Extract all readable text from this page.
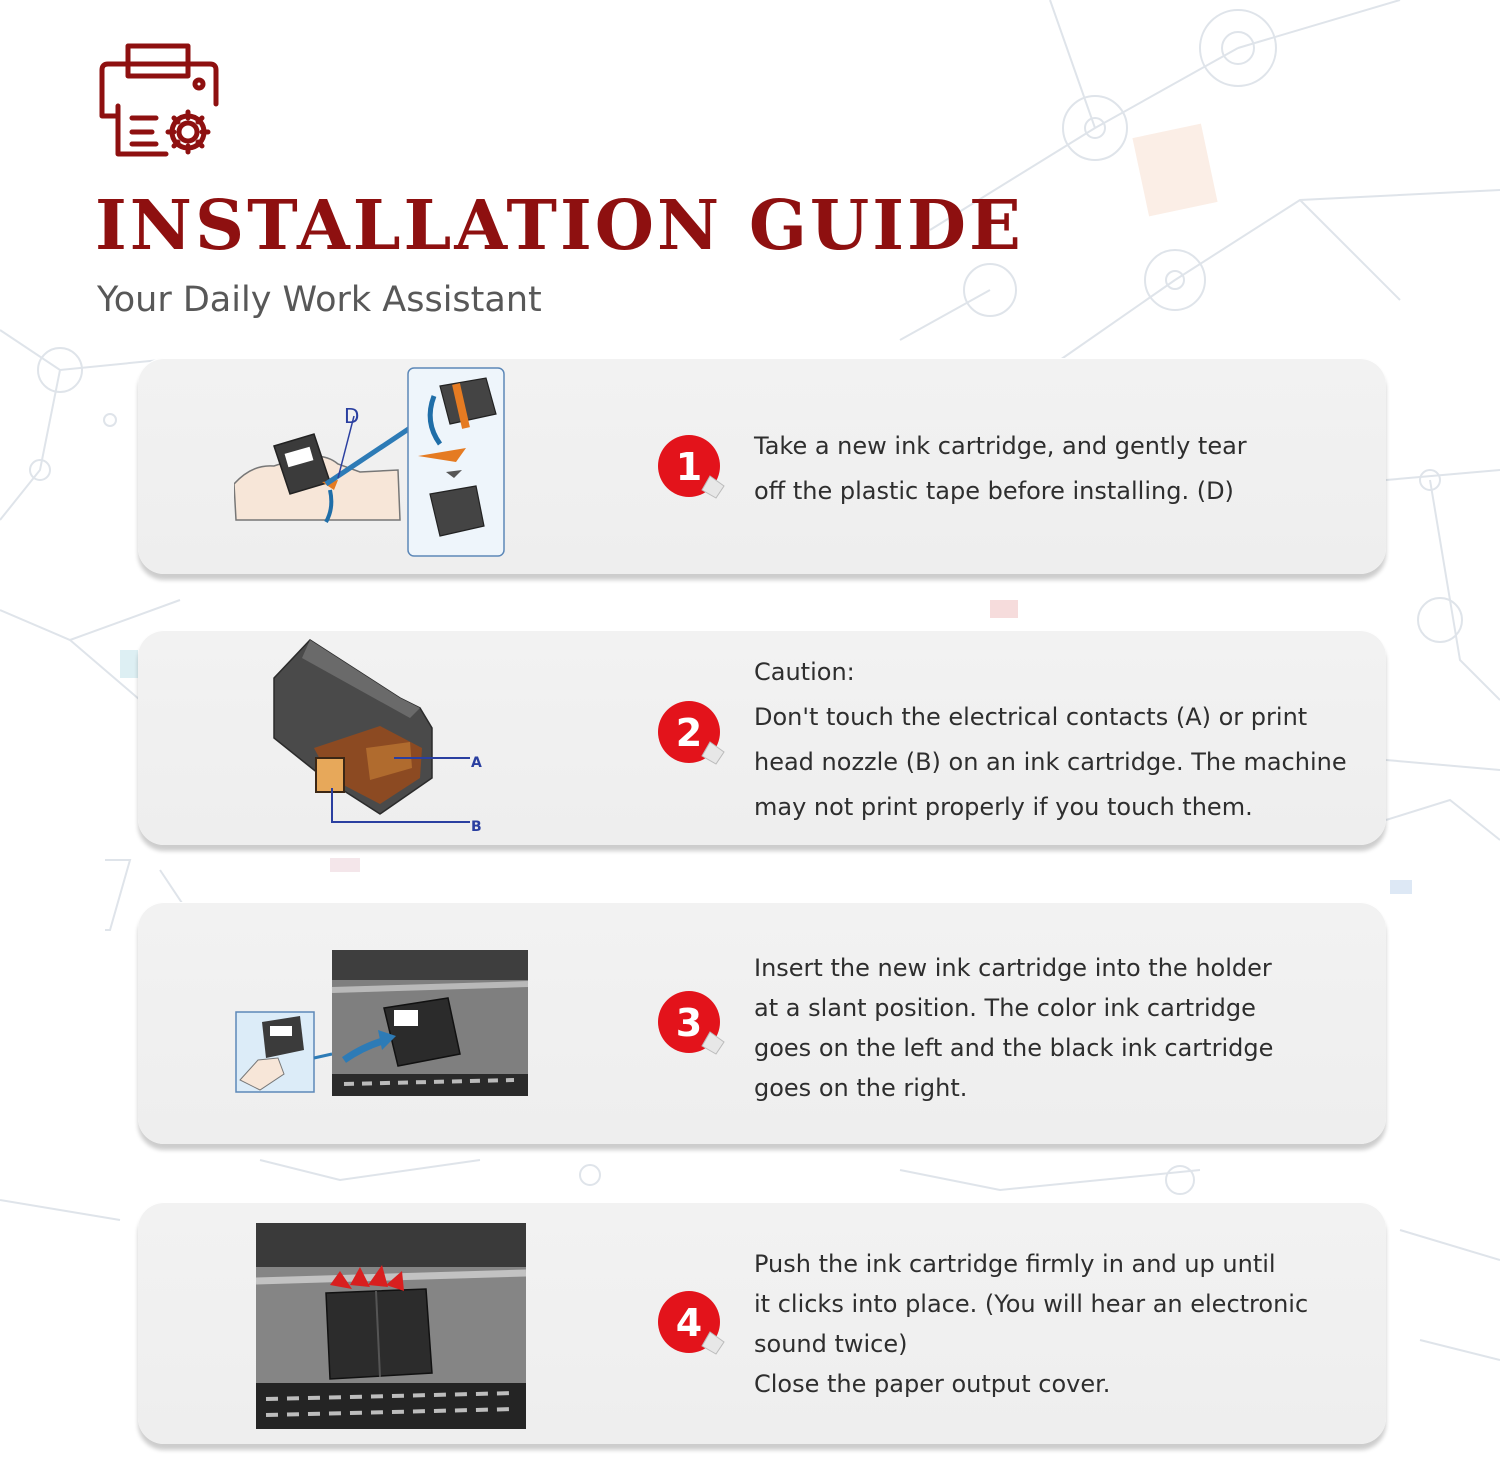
INSTALLATION GUIDE
Your Daily Work Assistant
D
1 Take a new ink cartridge, and gently tear

off the plastic tape before installing. (D)

A
B
2

Caution:

Don't touch the electrical contacts (A) or print

head nozzle (B) on an ink cartridge. The machine

may not print properly if you touch them.

3

Insert the new ink cartridge into the holder

at a slant position. The color ink cartridge

goes on the left and the black ink cartridge

goes on the right.

4

Push the ink cartridge firmly in and up until

it clicks into place. (You will hear an electronic

sound twice)

Close the paper output cover.
